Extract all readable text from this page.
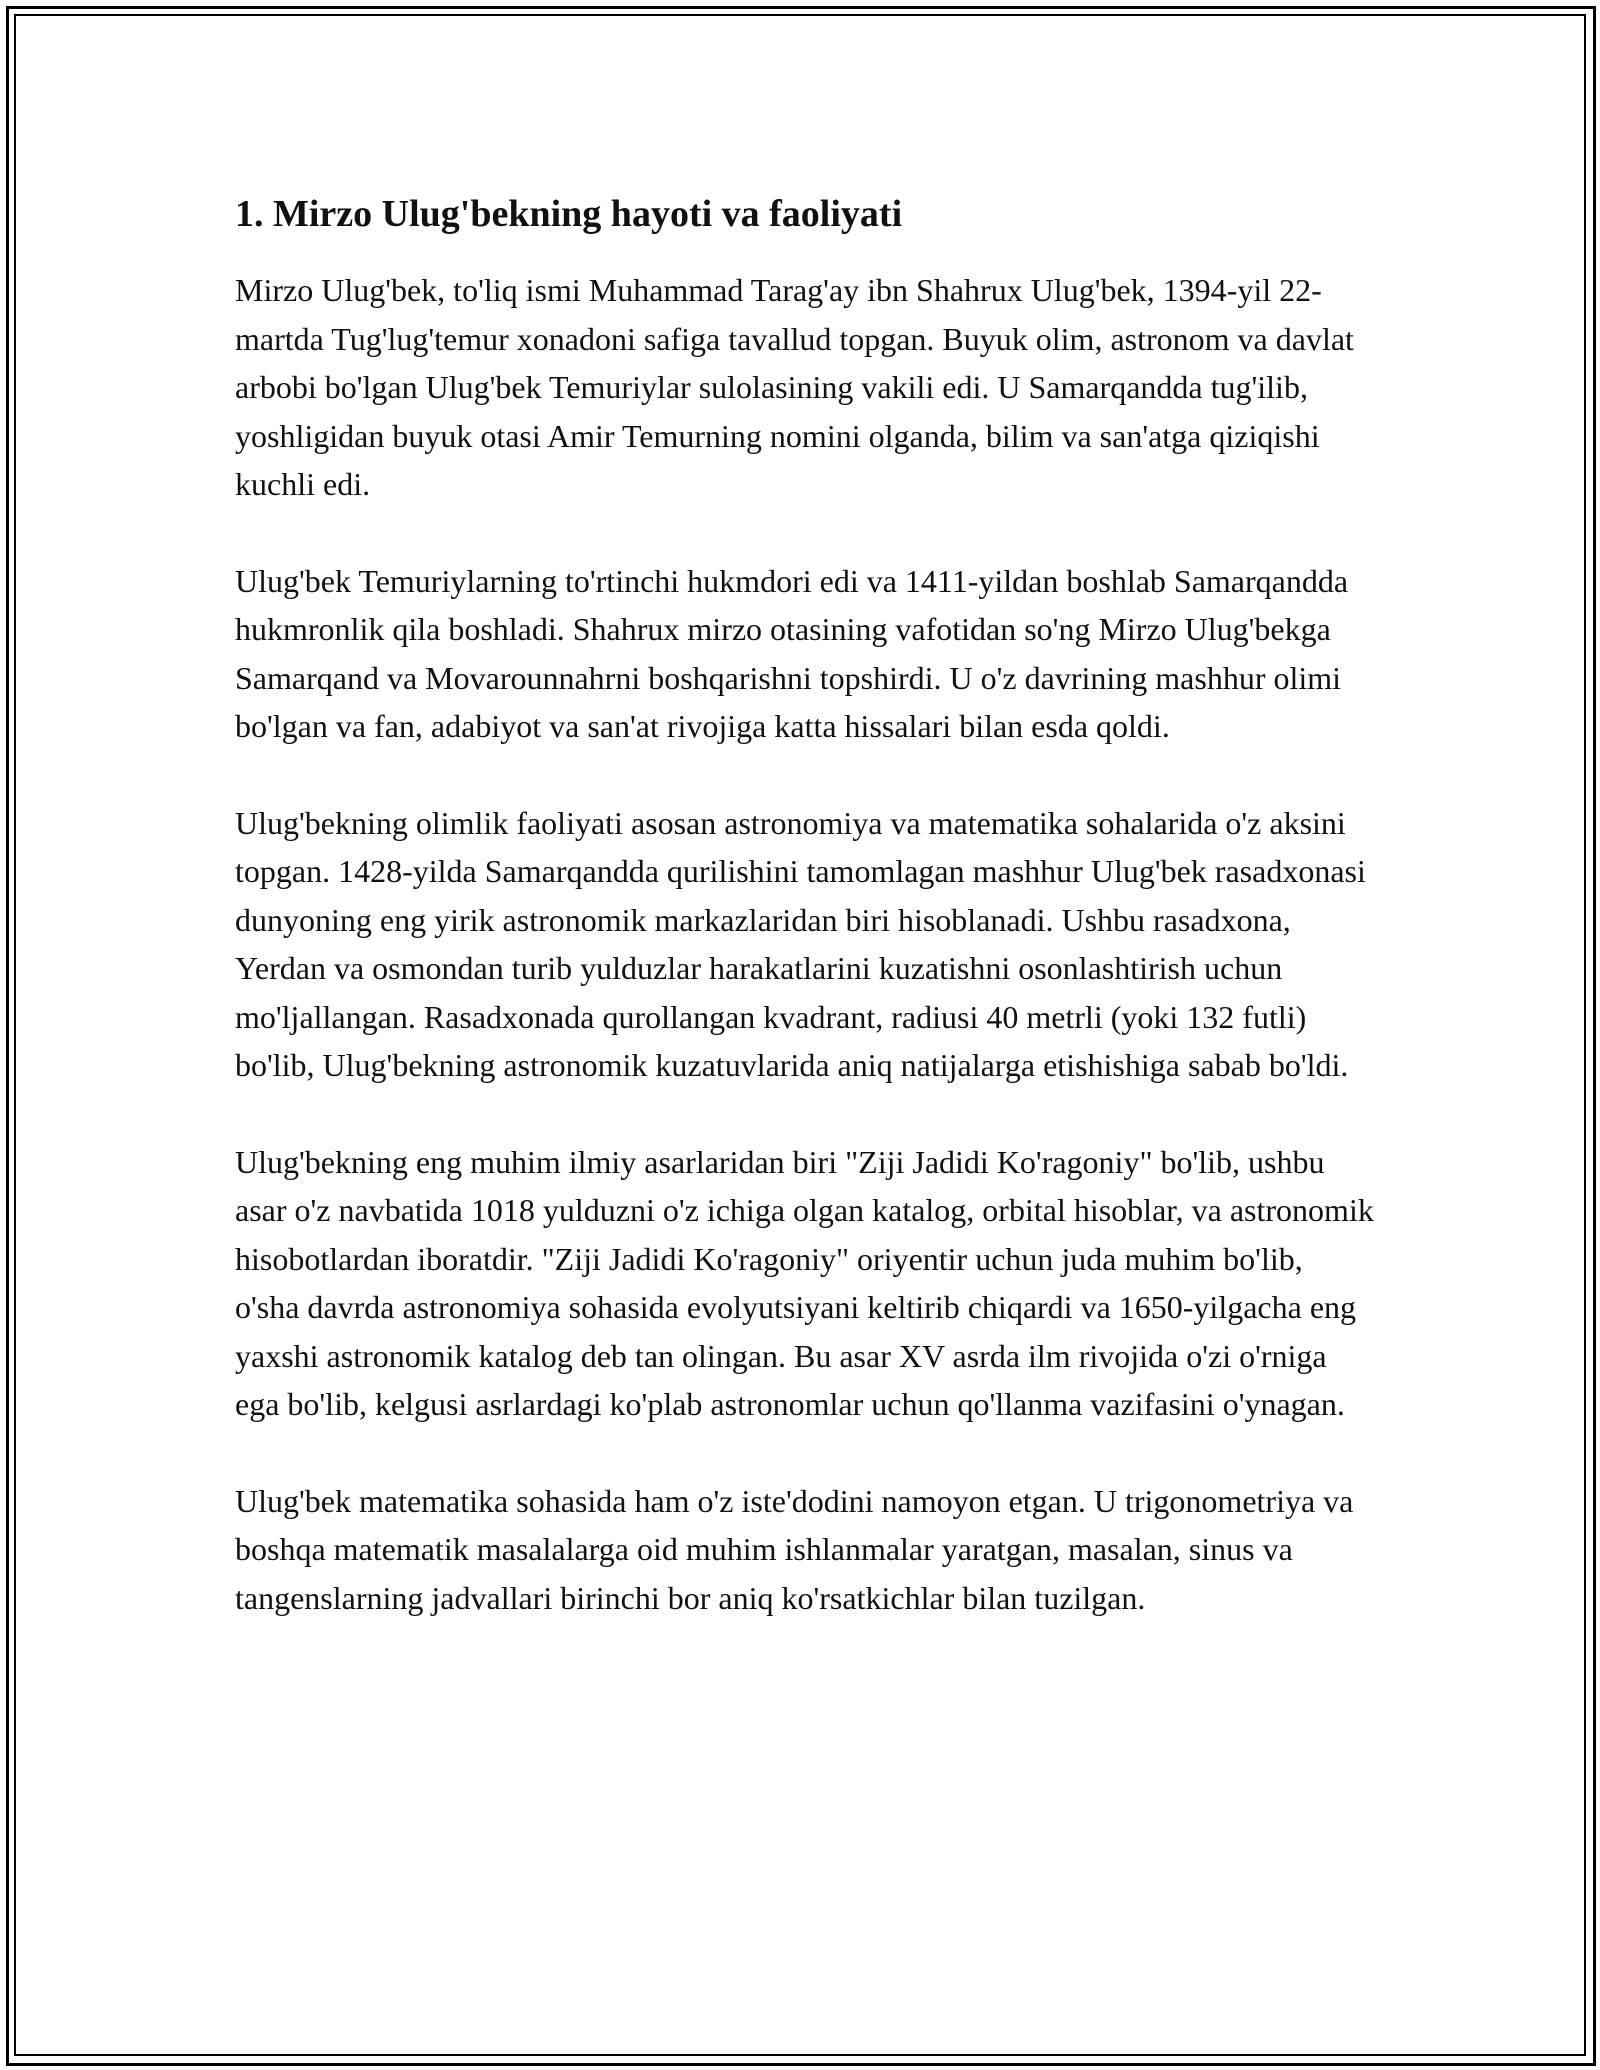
1. Mirzo Ulug'bekning hayoti va faoliyati

Mirzo Ulug'bek, to'liq ismi Muhammad Tarag'ay ibn Shahrux Ulug'bek, 1394-yil 22-martda Tug'lug'temur xonadoni safiga tavallud topgan. Buyuk olim, astronom va davlat arbobi bo'lgan Ulug'bek Temuriylar sulolasining vakili edi. U Samarqandda tug'ilib, yoshligidan buyuk otasi Amir Temurning nomini olganda, bilim va san'atga qiziqishi kuchli edi.

Ulug'bek Temuriylarning to'rtinchi hukmdori edi va 1411-yildan boshlab Samarqandda hukmronlik qila boshladi. Shahrux mirzo otasining vafotidan so'ng Mirzo Ulug'bekga Samarqand va Movarounnahrni boshqarishni topshirdi. U o'z davrining mashhur olimi bo'lgan va fan, adabiyot va san'at rivojiga katta hissalari bilan esda qoldi.

Ulug'bekning olimlik faoliyati asosan astronomiya va matematika sohalarida o'z aksini topgan. 1428-yilda Samarqandda qurilishini tamomlagan mashhur Ulug'bek rasadxonasi dunyoning eng yirik astronomik markazlaridan biri hisoblanadi. Ushbu rasadxona, Yerdan va osmondan turib yulduzlar harakatlarini kuzatishni osonlashtirish uchun mo'ljallangan. Rasadxonada qurollangan kvadrant, radiusi 40 metrli (yoki 132 futli) bo'lib, Ulug'bekning astronomik kuzatuvlarida aniq natijalarga etishishiga sabab bo'ldi.

Ulug'bekning eng muhim ilmiy asarlaridan biri "Ziji Jadidi Ko'ragoniy" bo'lib, ushbu asar o'z navbatida 1018 yulduzni o'z ichiga olgan katalog, orbital hisoblar, va astronomik hisobotlardan iboratdir. "Ziji Jadidi Ko'ragoniy" oriyentir uchun juda muhim bo'lib, o'sha davrda astronomiya sohasida evolyutsiyani keltirib chiqardi va 1650-yilgacha eng yaxshi astronomik katalog deb tan olingan. Bu asar XV asrda ilm rivojida o'zi o'rniga ega bo'lib, kelgusi asrlardagi ko'plab astronomlar uchun qo'llanma vazifasini o'ynagan.

Ulug'bek matematika sohasida ham o'z iste'dodini namoyon etgan. U trigonometriya va boshqa matematik masalalarga oid muhim ishlanmalar yaratgan, masalan, sinus va tangenslarning jadvallari birinchi bor aniq ko'rsatkichlar bilan tuzilgan.
